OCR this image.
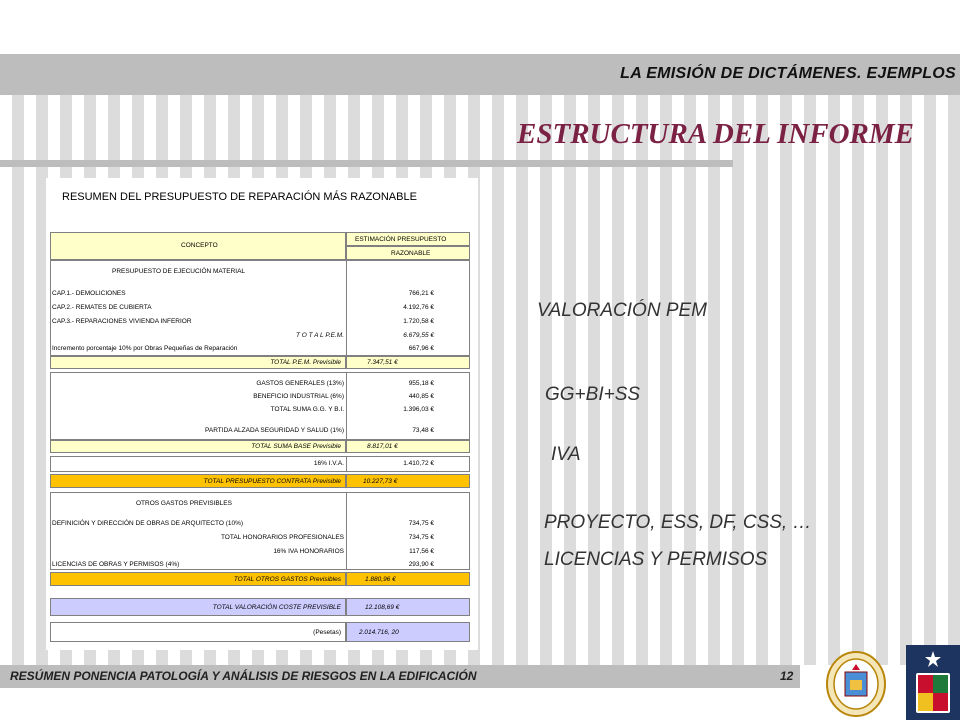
LA EMISIÓN DE DICTÁMENES. EJEMPLOS
ESTRUCTURA DEL INFORME
RESUMEN DEL PRESUPUESTO DE REPARACIÓN MÁS RAZONABLE
CONCEPTO
ESTIMACIÓN PRESUPUESTO
RAZONABLE
PRESUPUESTO DE EJECUCIÓN MATERIAL
CAP.1.- DEMOLICIONES	766,21 €
CAP.2.- REMATES DE CUBIERTA	4.192,76 €
CAP.3.- REPARACIONES VIVIENDA INFERIOR	1.720,58 €
T O T A L P.E.M.	6.679,55 €
Incremento porcentaje 10% por Obras Pequeñas de Reparación	667,96 €
TOTAL P.E.M. Previsible	7.347,51 €
GASTOS GENERALES (13%)	955,18 €
BENEFICIO INDUSTRIAL (6%)	440,85 €
TOTAL SUMA G.G. Y B.I.	1.396,03 €
PARTIDA ALZADA SEGURIDAD Y SALUD (1%)	73,48 €
TOTAL SUMA BASE Previsible	8.817,01 €
16% I.V.A.	1.410,72 €
TOTAL PRESUPUESTO CONTRATA Previsible	10.227,73 €
OTROS GASTOS PREVISIBLES
DEFINICIÓN Y DIRECCIÓN DE OBRAS DE ARQUITECTO (10%)	734,75 €
TOTAL HONORARIOS PROFESIONALES	734,75 €
16% IVA HONORARIOS	117,56 €
LICENCIAS DE OBRAS Y PERMISOS (4%)	293,90 €
TOTAL OTROS GASTOS Previsibles	1.880,96 €
TOTAL VALORACIÓN COSTE PREVISIBLE	12.108,69 €
(Pesetas)	2.014.716, 20
VALORACIÓN PEM
GG+BI+SS
IVA
PROYECTO, ESS, DF, CSS, …
LICENCIAS Y PERMISOS
RESÚMEN PONENCIA PATOLOGÍA Y ANÁLISIS DE RIESGOS EN LA EDIFICACIÓN	12
